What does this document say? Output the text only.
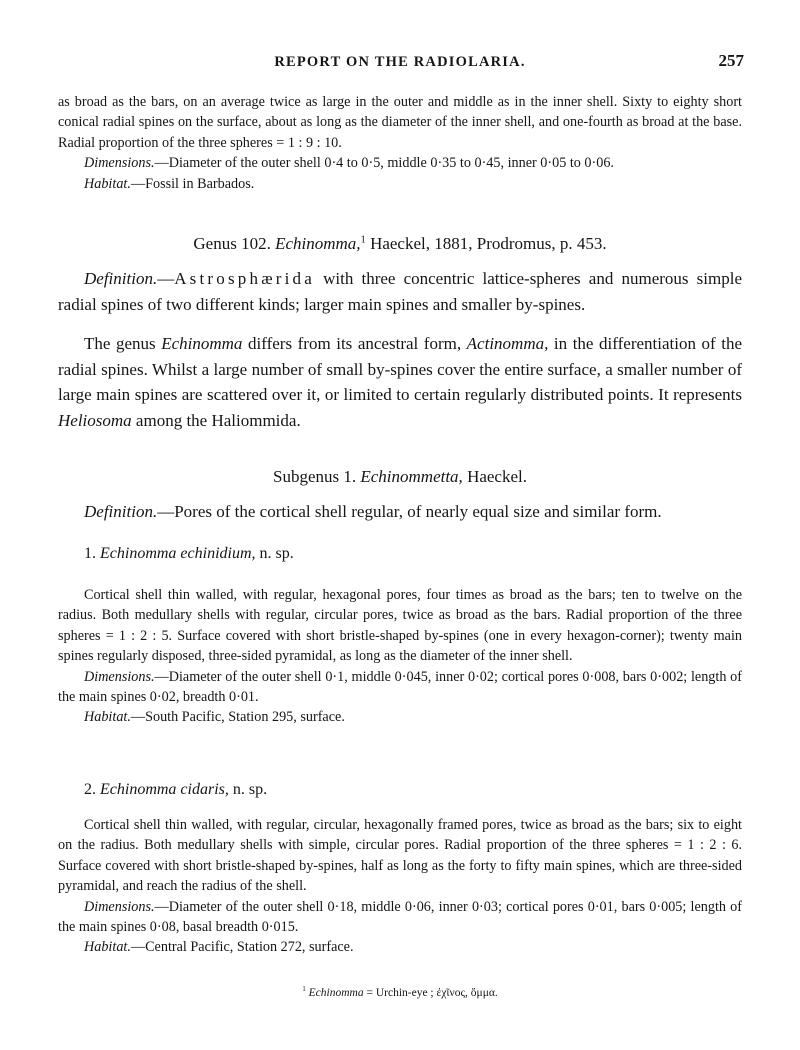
REPORT ON THE RADIOLARIA.	257

as broad as the bars, on an average twice as large in the outer and middle as in the inner shell. Sixty to eighty short conical radial spines on the surface, about as long as the diameter of the inner shell, and one-fourth as broad at the base. Radial proportion of the three spheres = 1 : 9 : 10.

Dimensions.—Diameter of the outer shell 0·4 to 0·5, middle 0·35 to 0·45, inner 0·05 to 0·06.

Habitat.—Fossil in Barbados.

Genus 102. Echinomma,$^1$ Haeckel, 1881, Prodromus, p. 453.

Definition.—Astrosphærida with three concentric lattice-spheres and numerous simple radial spines of two different kinds; larger main spines and smaller by-spines.

The genus Echinomma differs from its ancestral form, Actinomma, in the differentiation of the radial spines. Whilst a large number of small by-spines cover the entire surface, a smaller number of large main spines are scattered over it, or limited to certain regularly distributed points. It represents Heliosoma among the Haliommida.

Subgenus 1. Echinommetta, Haeckel.

Definition.—Pores of the cortical shell regular, of nearly equal size and similar form.

1. Echinomma echinidium, n. sp.

Cortical shell thin walled, with regular, hexagonal pores, four times as broad as the bars; ten to twelve on the radius. Both medullary shells with regular, circular pores, twice as broad as the bars. Radial proportion of the three spheres = 1 : 2 : 5. Surface covered with short bristle-shaped by-spines (one in every hexagon-corner); twenty main spines regularly disposed, three-sided pyramidal, as long as the diameter of the inner shell.

Dimensions.—Diameter of the outer shell 0·1, middle 0·045, inner 0·02; cortical pores 0·008, bars 0·002; length of the main spines 0·02, breadth 0·01.

Habitat.—South Pacific, Station 295, surface.

2. Echinomma cidaris, n. sp.

Cortical shell thin walled, with regular, circular, hexagonally framed pores, twice as broad as the bars; six to eight on the radius. Both medullary shells with simple, circular pores. Radial proportion of the three spheres = 1 : 2 : 6. Surface covered with short bristle-shaped by-spines, half as long as the forty to fifty main spines, which are three-sided pyramidal, and reach the radius of the shell.

Dimensions.—Diameter of the outer shell 0·18, middle 0·06, inner 0·03; cortical pores 0·01, bars 0·005; length of the main spines 0·08, basal breadth 0·015.

Habitat.—Central Pacific, Station 272, surface.

$^1$ Echinomma = Urchin-eye ; ἐχῖνος, ὄμμα.
